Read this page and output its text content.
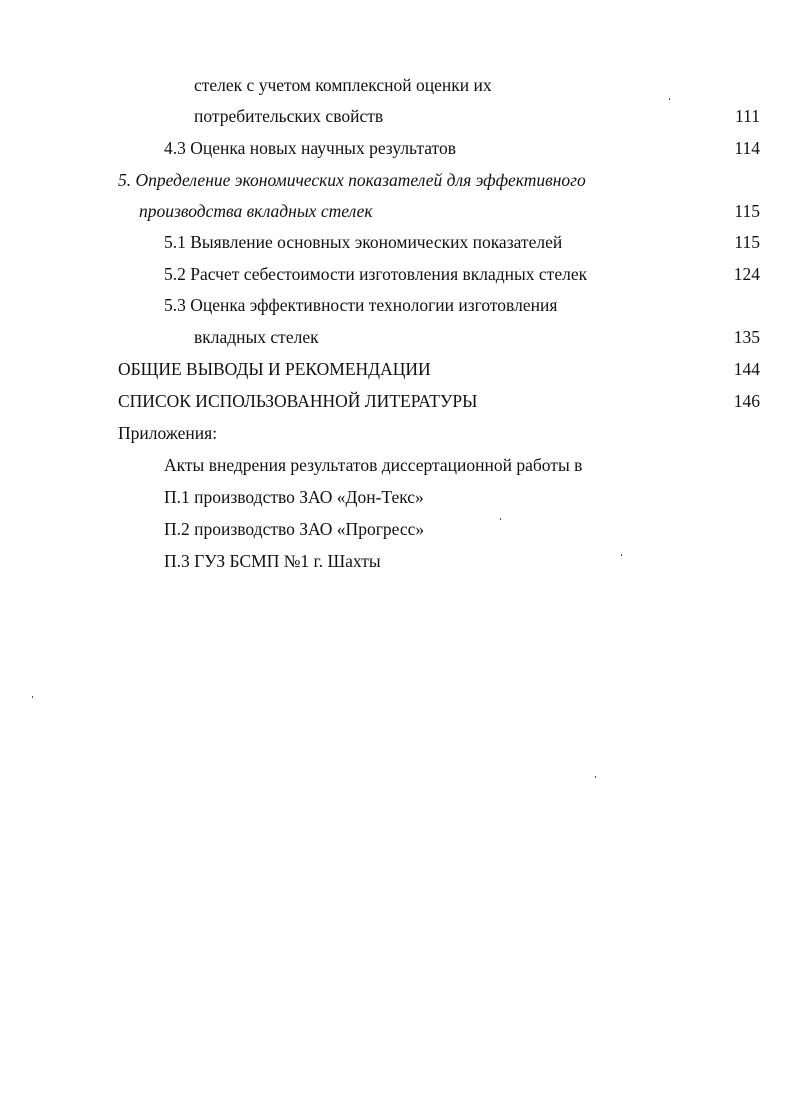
стелек с учетом комплексной оценки их
потребительских свойств	111
4.3 Оценка новых научных результатов	114
5. Определение экономических показателей для эффективного
производства вкладных стелек	115
5.1 Выявление основных экономических показателей	115
5.2 Расчет себестоимости изготовления вкладных стелек	124
5.3 Оценка эффективности технологии изготовления
вкладных стелек	135
ОБЩИЕ ВЫВОДЫ И РЕКОМЕНДАЦИИ	144
СПИСОК ИСПОЛЬЗОВАННОЙ ЛИТЕРАТУРЫ	146
Приложения:
Акты внедрения результатов диссертационной работы в
П.1 производство ЗАО «Дон-Текс»
П.2 производство ЗАО «Прогресс»
П.3 ГУЗ БСМП №1 г. Шахты
